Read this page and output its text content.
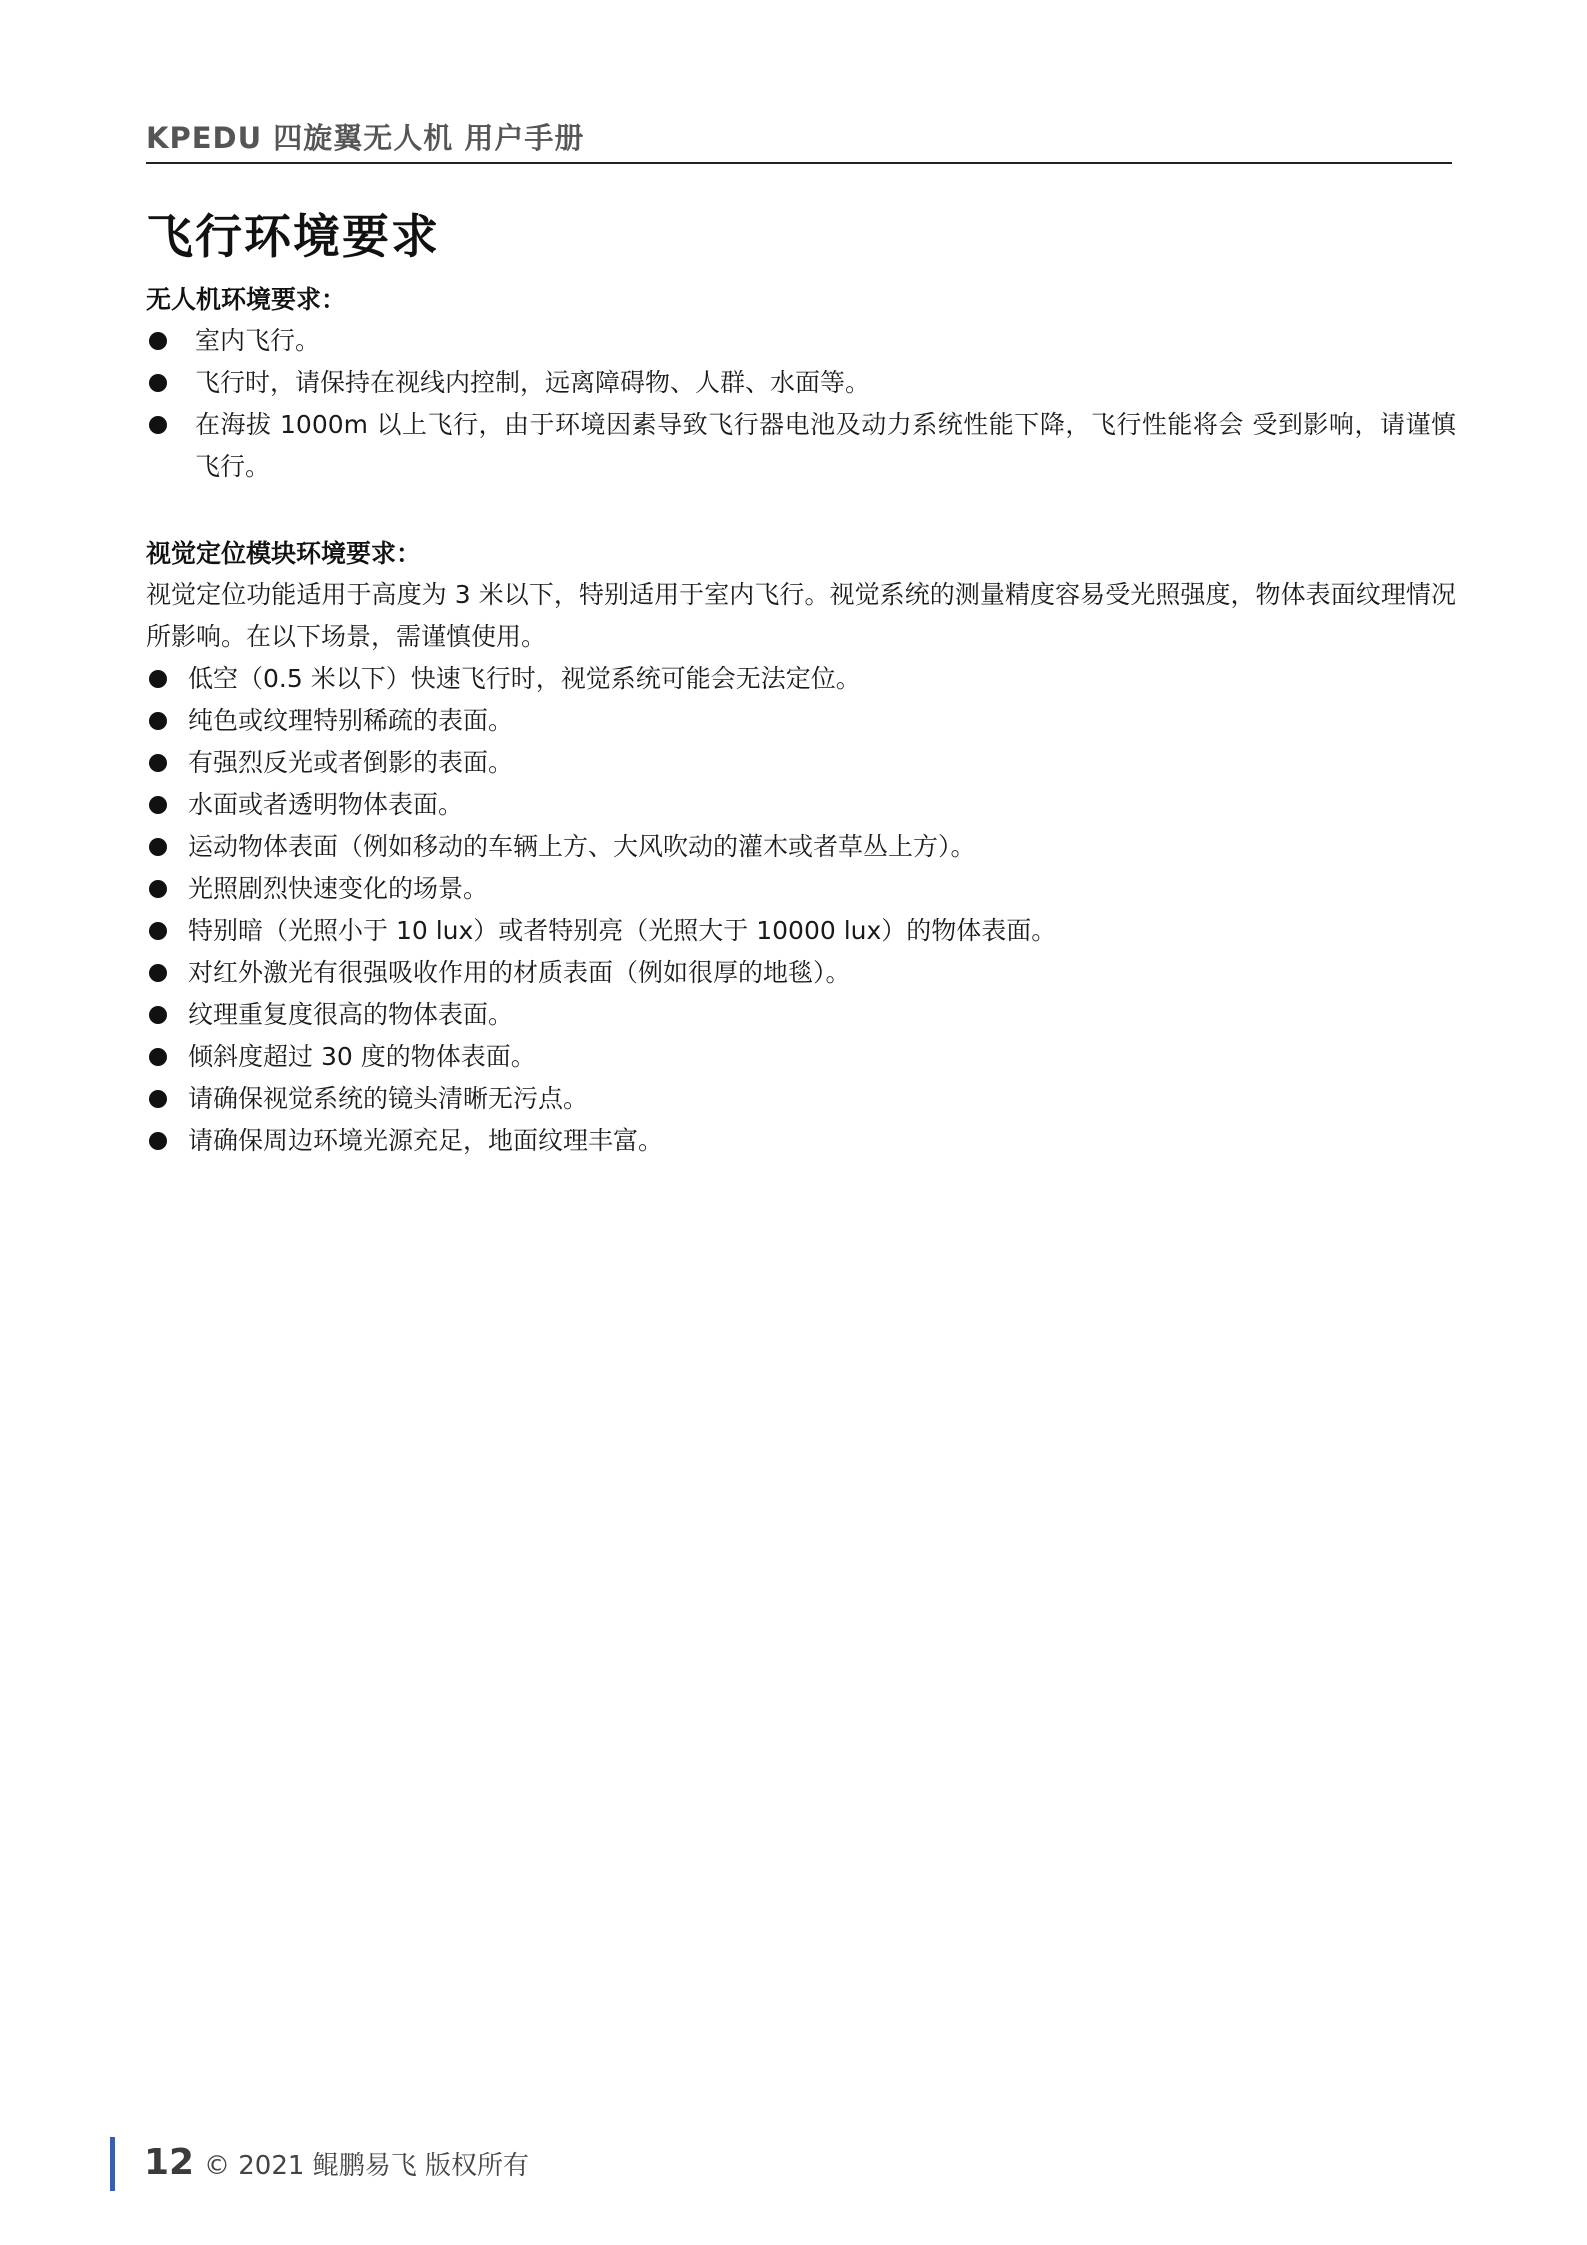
KPEDU 四旋翼无人机 用户手册
飞行环境要求
无人机环境要求：
室内飞行。
飞行时，请保持在视线内控制，远离障碍物、人群、水面等。
在海拔 1000m 以上飞行，由于环境因素导致飞行器电池及动力系统性能下降，飞行性能将会 受到影响，请谨慎飞行。
视觉定位模块环境要求：
视觉定位功能适用于高度为 3 米以下，特别适用于室内飞行。视觉系统的测量精度容易受光照强度，物体表面纹理情况所影响。在以下场景，需谨慎使用。
低空（0.5 米以下）快速飞行时，视觉系统可能会无法定位。
纯色或纹理特别稀疏的表面。
有强烈反光或者倒影的表面。
水面或者透明物体表面。
运动物体表面（例如移动的车辆上方、大风吹动的灌木或者草丛上方）。
光照剧烈快速变化的场景。
特别暗（光照小于 10 lux）或者特别亮（光照大于 10000 lux）的物体表面。
对红外激光有很强吸收作用的材质表面（例如很厚的地毯）。
纹理重复度很高的物体表面。
倾斜度超过 30 度的物体表面。
请确保视觉系统的镜头清晰无污点。
请确保周边环境光源充足，地面纹理丰富。
12 © 2021 鲲鹏易飞 版权所有
